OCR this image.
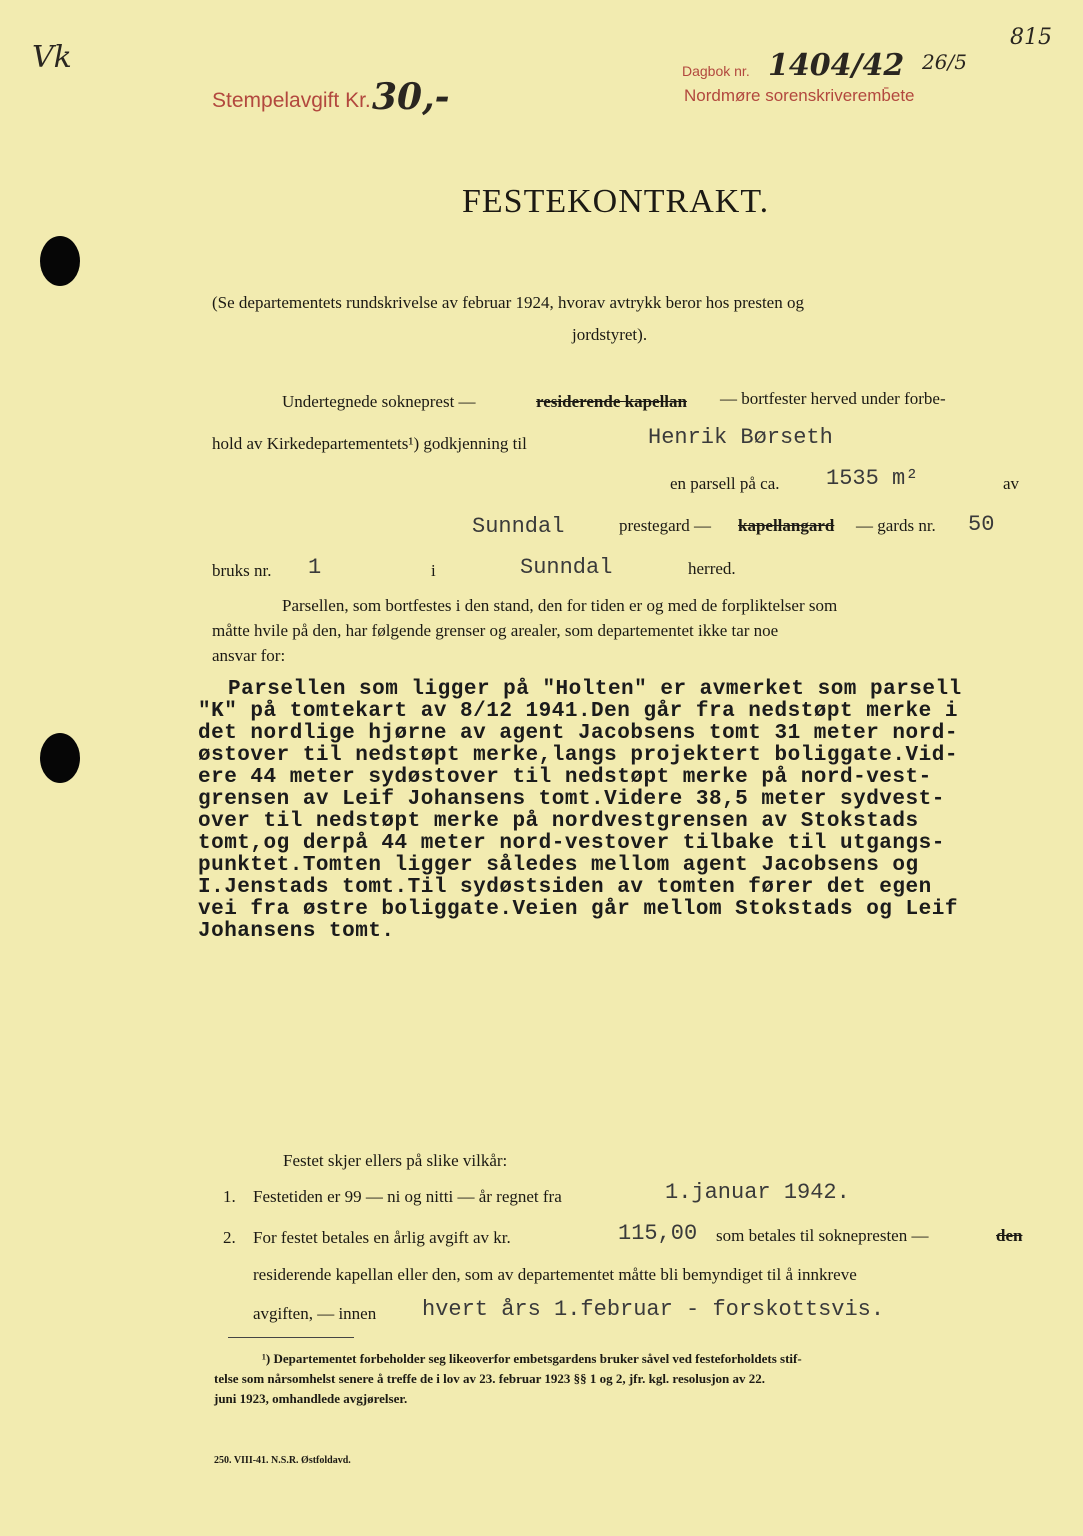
Vk
815
Stempelavgift Kr. 30,-
Dagbok nr. 1404/42 26/5
Nordmøre sorenskriveremb̄ete
FESTEKONTRAKT.
(Se departementets rundskrivelse av februar 1924, hvorav avtrykk beror hos presten og
jordstyret).
Undertegnede sokneprest —	residerende kapellan — bortfester herved under forbe-
hold av Kirkedepartementets¹) godkjenning til	Henrik Børseth
en parsell på ca. 1535 m²	av
Sunndal	prestegard — kapellangard — gards nr. 50
bruks nr. 1	i	Sunndal	herred.
Parsellen, som bortfestes i den stand, den for tiden er og med de forpliktelser som
måtte hvile på den, har følgende grenser og arealer, som departementet ikke tar noe
ansvar for:
Parsellen som ligger på "Holten" er avmerket som parsell
"K" på tomtekart av 8/12 1941.Den går fra nedstøpt merke i
det nordlige hjørne av agent Jacobsens tomt 31 meter nord-
østover til nedstøpt merke,langs projektert boliggate.Vid-
ere 44 meter sydøstover til nedstøpt merke på nord-vest-
grensen av Leif Johansens tomt.Videre 38,5 meter sydvest-
over til nedstøpt merke på nordvestgrensen av Stokstads
tomt,og derpå 44 meter nord-vestover tilbake til utgangs-
punktet.Tomten ligger således mellom agent Jacobsens og
I.Jenstads tomt.Til sydøstsiden av tomten fører det egen
vei fra østre boliggate.Veien går mellom Stokstads og Leif
Johansens tomt.
Festet skjer ellers på slike vilkår:
1. Festetiden er 99 — ni og nitti — år regnet fra	1.januar 1942.
2. For festet betales en årlig avgift av kr.	115,00 som betales til soknepresten —	den
residerende kapellan eller den, som av departementet måtte bli bemyndiget til å innkreve
avgiften, — innen hvert års 1.februar - forskottsvis.
¹) Departementet forbeholder seg likeoverfor embetsgardens bruker såvel ved festeforholdets stif-
telse som nårsomhelst senere å treffe de i lov av 23. februar 1923 §§ 1 og 2, jfr. kgl. resolusjon av 22.
juni 1923, omhandlede avgjørelser.
250. VIII-41. N.S.R. Østfoldavd.
